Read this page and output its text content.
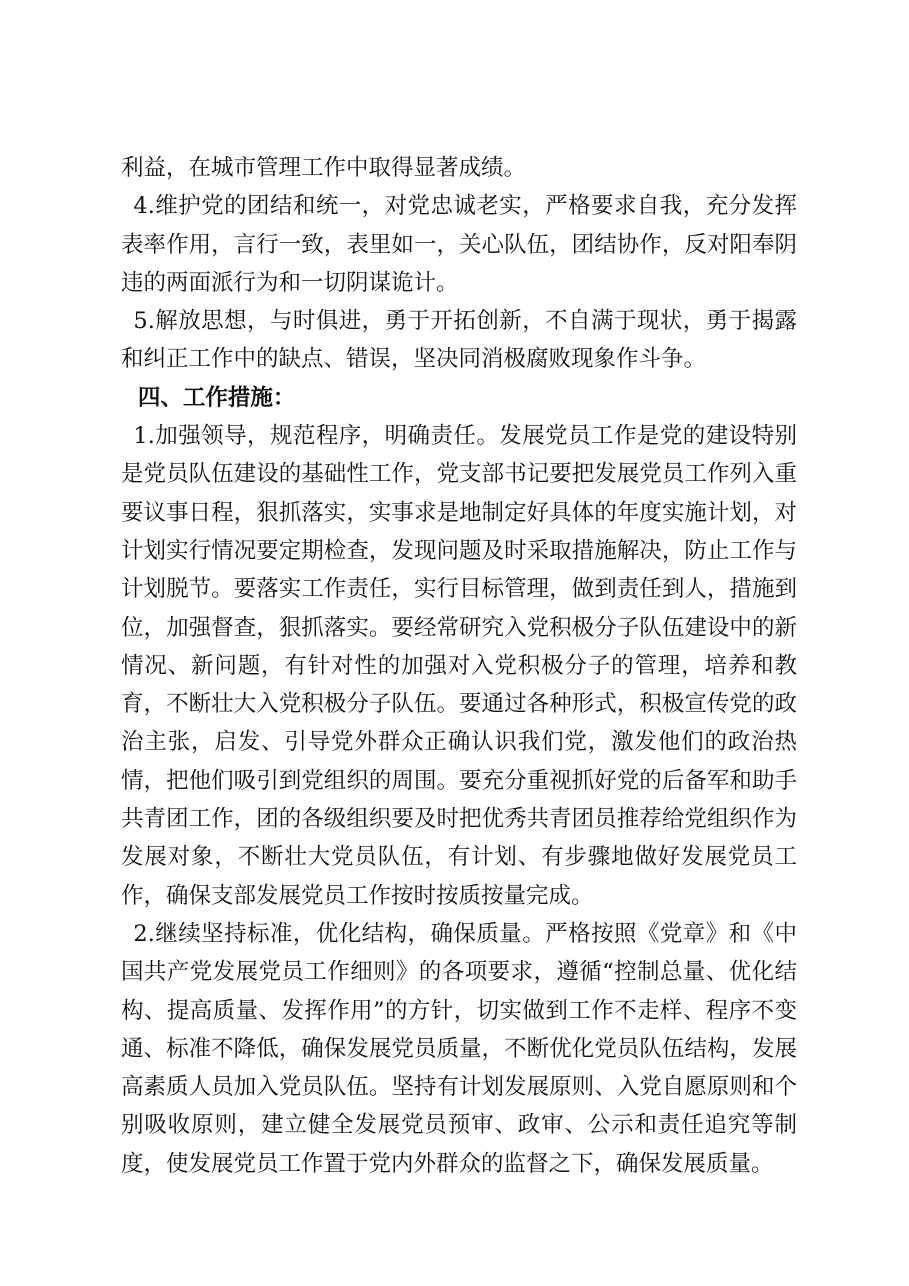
利益，在城市管理工作中取得显著成绩。

4.维护党的团结和统一，对党忠诚老实，严格要求自我，充分发挥表率作用，言行一致，表里如一，关心队伍，团结协作，反对阳奉阴违的两面派行为和一切阴谋诡计。

5.解放思想，与时俱进，勇于开拓创新，不自满于现状，勇于揭露和纠正工作中的缺点、错误，坚决同消极腐败现象作斗争。

四、工作措施：

1.加强领导，规范程序，明确责任。发展党员工作是党的建设特别是党员队伍建设的基础性工作，党支部书记要把发展党员工作列入重要议事日程，狠抓落实，实事求是地制定好具体的年度实施计划，对计划实行情况要定期检查，发现问题及时采取措施解决，防止工作与计划脱节。要落实工作责任，实行目标管理，做到责任到人，措施到位，加强督查，狠抓落实。要经常研究入党积极分子队伍建设中的新情况、新问题，有针对性的加强对入党积极分子的管理，培养和教育，不断壮大入党积极分子队伍。要通过各种形式，积极宣传党的政治主张，启发、引导党外群众正确认识我们党，激发他们的政治热情，把他们吸引到党组织的周围。要充分重视抓好党的后备军和助手共青团工作，团的各级组织要及时把优秀共青团员推荐给党组织作为发展对象，不断壮大党员队伍，有计划、有步骤地做好发展党员工作，确保支部发展党员工作按时按质按量完成。

2.继续坚持标准，优化结构，确保质量。严格按照《党章》和《中国共产党发展党员工作细则》的各项要求，遵循“控制总量、优化结构、提高质量、发挥作用”的方针，切实做到工作不走样、程序不变通、标准不降低，确保发展党员质量，不断优化党员队伍结构，发展高素质人员加入党员队伍。坚持有计划发展原则、入党自愿原则和个别吸收原则，建立健全发展党员预审、政审、公示和责任追究等制度，使发展党员工作置于党内外群众的监督之下，确保发展质量。
